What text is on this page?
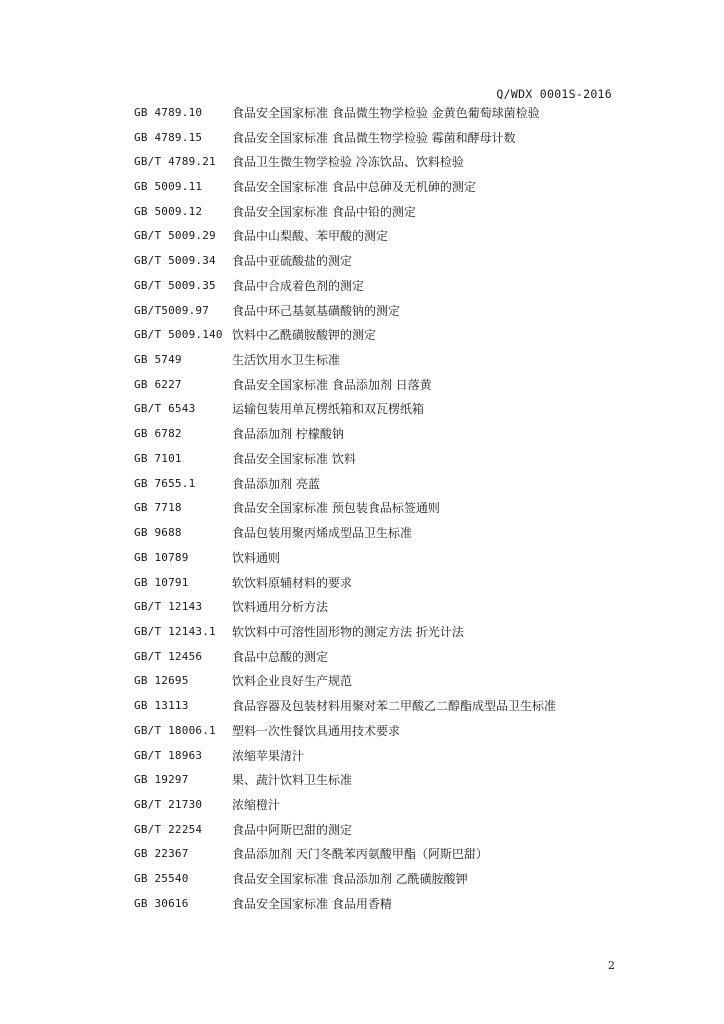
Q/WDX 0001S-2016
GB 4789.10	食品安全国家标准 食品微生物学检验 金黄色葡萄球菌检验
GB 4789.15	食品安全国家标准 食品微生物学检验 霉菌和酵母计数
GB/T 4789.21	食品卫生微生物学检验 冷冻饮品、饮料检验
GB 5009.11	食品安全国家标准 食品中总砷及无机砷的测定
GB 5009.12	食品安全国家标准 食品中铅的测定
GB/T 5009.29	食品中山梨酸、苯甲酸的测定
GB/T 5009.34	食品中亚硫酸盐的测定
GB/T 5009.35	食品中合成着色剂的测定
GB/T5009.97	食品中环己基氨基磺酸钠的测定
GB/T 5009.140 饮料中乙酰磺胺酸钾的测定
GB 5749	生活饮用水卫生标准
GB 6227	食品安全国家标准 食品添加剂 日落黄
GB/T 6543	运输包装用单瓦楞纸箱和双瓦楞纸箱
GB 6782	食品添加剂 柠檬酸钠
GB 7101	食品安全国家标准 饮料
GB 7655.1	食品添加剂 亮蓝
GB 7718	食品安全国家标准 预包装食品标签通则
GB 9688	食品包装用聚丙烯成型品卫生标准
GB 10789	饮料通则
GB 10791	软饮料原辅材料的要求
GB/T 12143	饮料通用分析方法
GB/T 12143.1	软饮料中可溶性固形物的测定方法 折光计法
GB/T 12456	食品中总酸的测定
GB 12695	饮料企业良好生产规范
GB 13113	食品容器及包装材料用聚对苯二甲酸乙二醇酯成型品卫生标准
GB/T 18006.1	塑料一次性餐饮具通用技术要求
GB/T 18963	浓缩苹果清汁
GB 19297	果、蔬汁饮料卫生标准
GB/T 21730	浓缩橙汁
GB/T 22254	食品中阿斯巴甜的测定
GB 22367	食品添加剂 天门冬酰苯丙氨酸甲酯（阿斯巴甜）
GB 25540	食品安全国家标准 食品添加剂 乙酰磺胺酸钾
GB 30616	食品安全国家标准 食品用香精
2
